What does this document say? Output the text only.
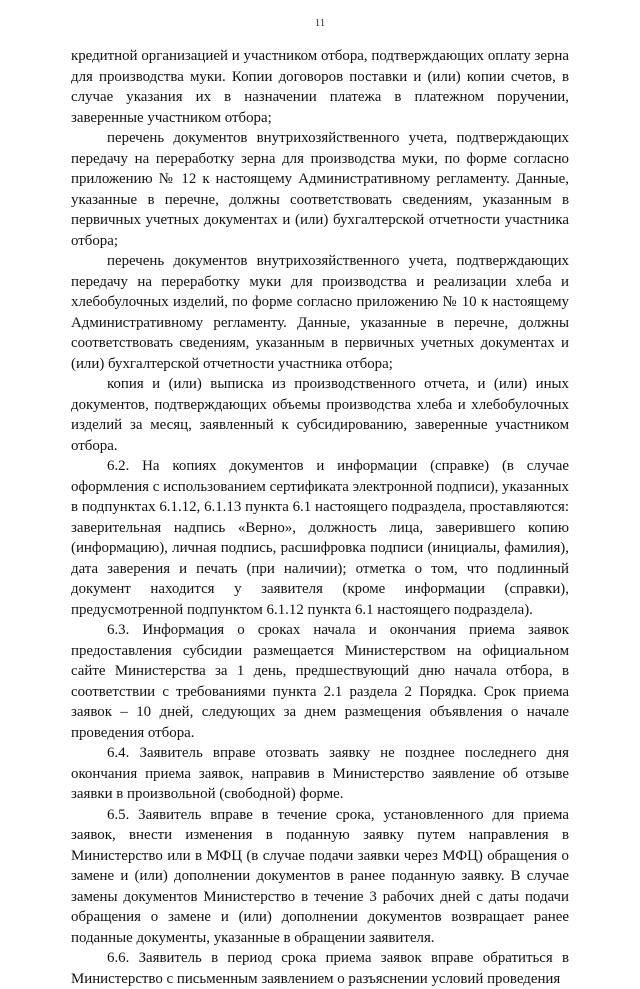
11

кредитной организацией и участником отбора, подтверждающих оплату зерна для производства муки. Копии договоров поставки и (или) копии счетов, в случае указания их в назначении платежа в платежном поручении, заверенные участником отбора;

перечень документов внутрихозяйственного учета, подтверждающих передачу на переработку зерна для производства муки, по форме согласно приложению № 12 к настоящему Административному регламенту. Данные, указанные в перечне, должны соответствовать сведениям, указанным в первичных учетных документах и (или) бухгалтерской отчетности участника отбора;

перечень документов внутрихозяйственного учета, подтверждающих передачу на переработку муки для производства и реализации хлеба и хлебобулочных изделий, по форме согласно приложению № 10 к настоящему Административному регламенту. Данные, указанные в перечне, должны соответствовать сведениям, указанным в первичных учетных документах и (или) бухгалтерской отчетности участника отбора;

копия и (или) выписка из производственного отчета, и (или) иных документов, подтверждающих объемы производства хлеба и хлебобулочных изделий за месяц, заявленный к субсидированию, заверенные участником отбора.

6.2. На копиях документов и информации (справке) (в случае оформления с использованием сертификата электронной подписи), указанных в подпунктах 6.1.12, 6.1.13 пункта 6.1 настоящего подраздела, проставляются: заверительная надпись «Верно», должность лица, заверившего копию (информацию), личная подпись, расшифровка подписи (инициалы, фамилия), дата заверения и печать (при наличии); отметка о том, что подлинный документ находится у заявителя (кроме информации (справки), предусмотренной подпунктом 6.1.12 пункта 6.1 настоящего подраздела).

6.3. Информация о сроках начала и окончания приема заявок предоставления субсидии размещается Министерством на официальном сайте Министерства за 1 день, предшествующий дню начала отбора, в соответствии с требованиями пункта 2.1 раздела 2 Порядка. Срок приема заявок – 10 дней, следующих за днем размещения объявления о начале проведения отбора.

6.4. Заявитель вправе отозвать заявку не позднее последнего дня окончания приема заявок, направив в Министерство заявление об отзыве заявки в произвольной (свободной) форме.

6.5. Заявитель вправе в течение срока, установленного для приема заявок, внести изменения в поданную заявку путем направления в Министерство или в МФЦ (в случае подачи заявки через МФЦ) обращения о замене и (или) дополнении документов в ранее поданную заявку. В случае замены документов Министерство в течение 3 рабочих дней с даты подачи обращения о замене и (или) дополнении документов возвращает ранее поданные документы, указанные в обращении заявителя.

6.6. Заявитель в период срока приема заявок вправе обратиться в Министерство с письменным заявлением о разъяснении условий проведения
